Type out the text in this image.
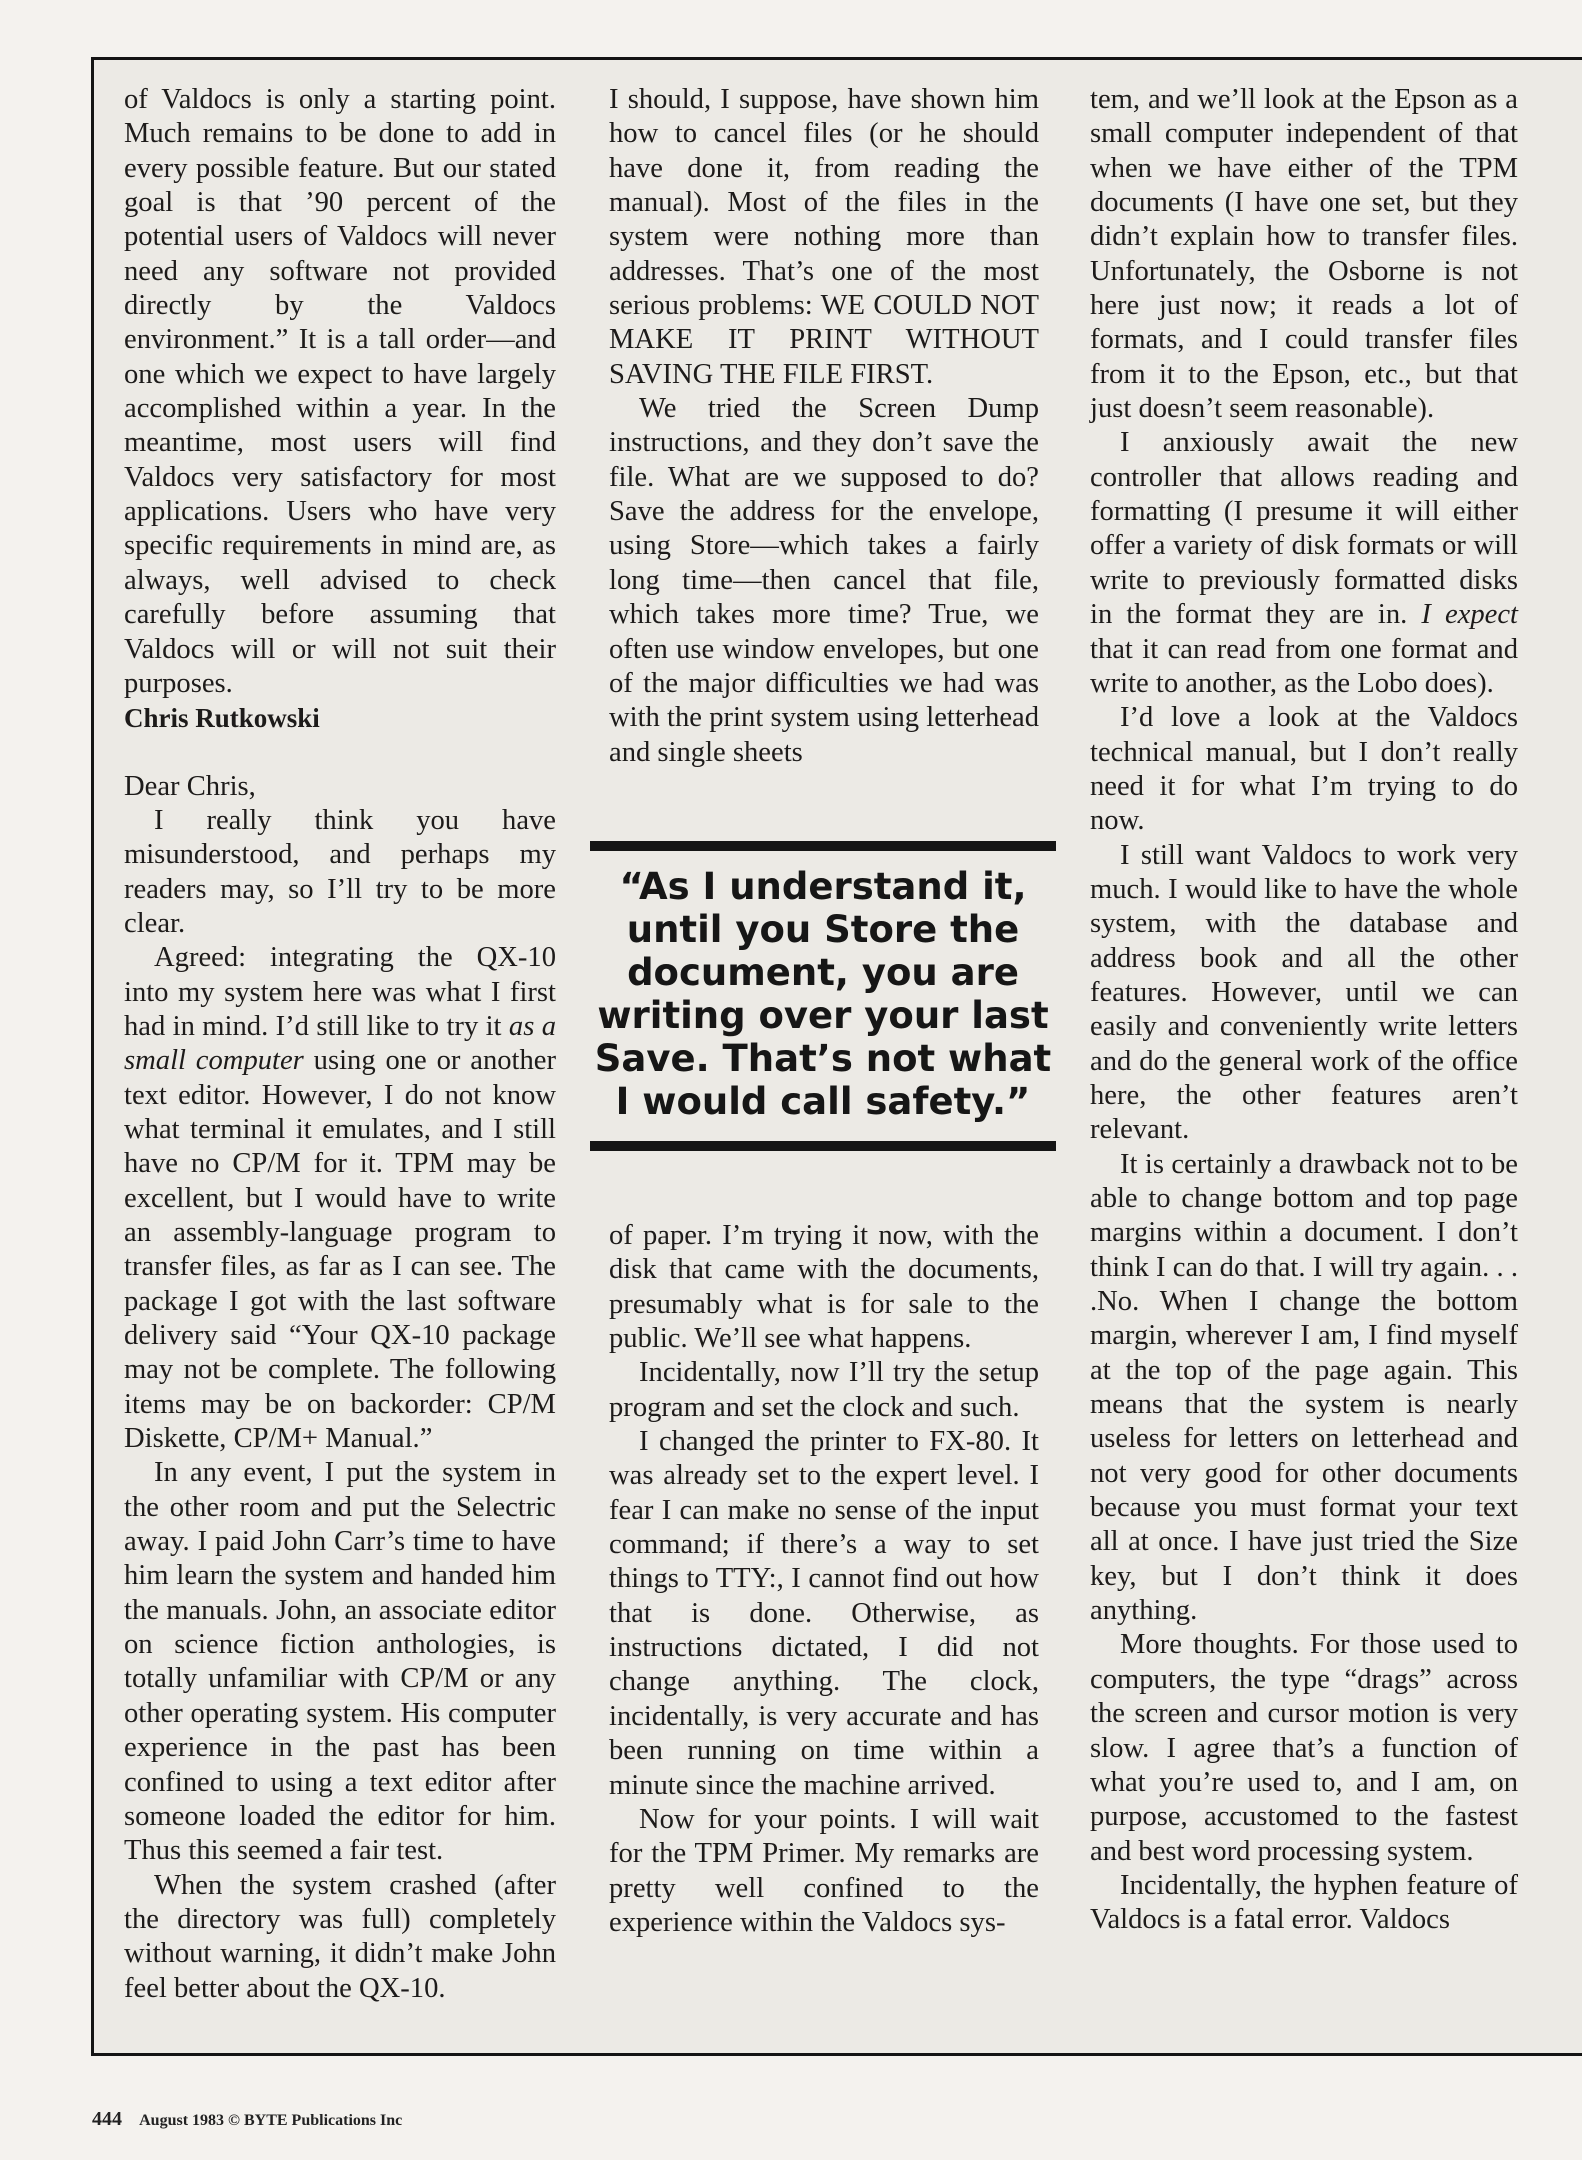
of Valdocs is only a starting point. Much remains to be done to add in every possible feature. But our stated goal is that ’90 percent of the potential users of Valdocs will never need any software not provided directly by the Valdocs environment.” It is a tall order—and one which we expect to have largely accomplished within a year. In the meantime, most users will find Valdocs very satisfactory for most applications. Users who have very specific requirements in mind are, as always, well advised to check carefully before assuming that Valdocs will or will not suit their purposes.

Chris Rutkowski

Dear Chris,

I really think you have misunderstood, and perhaps my readers may, so I’ll try to be more clear.

Agreed: integrating the QX-10 into my system here was what I first had in mind. I’d still like to try it as a small computer using one or another text editor. However, I do not know what terminal it emulates, and I still have no CP/M for it. TPM may be excellent, but I would have to write an assembly-language program to transfer files, as far as I can see. The package I got with the last software delivery said “Your QX-10 package may not be complete. The following items may be on backorder: CP/M Diskette, CP/M+ Manual.”

In any event, I put the system in the other room and put the Selectric away. I paid John Carr’s time to have him learn the system and handed him the manuals. John, an associate editor on science fiction anthologies, is totally unfamiliar with CP/M or any other operating system. His computer experience in the past has been confined to using a text editor after someone loaded the editor for him. Thus this seemed a fair test.

When the system crashed (after the directory was full) completely without warning, it didn’t make John feel better about the QX-10.

I should, I suppose, have shown him how to cancel files (or he should have done it, from reading the manual). Most of the files in the system were nothing more than addresses. That’s one of the most serious problems: WE COULD NOT MAKE IT PRINT WITHOUT SAVING THE FILE FIRST.

We tried the Screen Dump instructions, and they don’t save the file. What are we supposed to do? Save the address for the envelope, using Store—which takes a fairly long time—then cancel that file, which takes more time? True, we often use window envelopes, but one of the major difficulties we had was with the print system using letterhead and single sheets

“As I understand it, until you Store the document, you are writing over your last Save. That’s not what I would call safety.”

of paper. I’m trying it now, with the disk that came with the documents, presumably what is for sale to the public. We’ll see what happens.

Incidentally, now I’ll try the setup program and set the clock and such.

I changed the printer to FX-80. It was already set to the expert level. I fear I can make no sense of the input command; if there’s a way to set things to TTY:, I cannot find out how that is done. Otherwise, as instructions dictated, I did not change anything. The clock, incidentally, is very accurate and has been running on time within a minute since the machine arrived.

Now for your points. I will wait for the TPM Primer. My remarks are pretty well confined to the experience within the Valdocs sys-

tem, and we’ll look at the Epson as a small computer independent of that when we have either of the TPM documents (I have one set, but they didn’t explain how to transfer files. Unfortunately, the Osborne is not here just now; it reads a lot of formats, and I could transfer files from it to the Epson, etc., but that just doesn’t seem reasonable).

I anxiously await the new controller that allows reading and formatting (I presume it will either offer a variety of disk formats or will write to previously formatted disks in the format they are in. I expect that it can read from one format and write to another, as the Lobo does).

I’d love a look at the Valdocs technical manual, but I don’t really need it for what I’m trying to do now.

I still want Valdocs to work very much. I would like to have the whole system, with the database and address book and all the other features. However, until we can easily and conveniently write letters and do the general work of the office here, the other features aren’t relevant.

It is certainly a drawback not to be able to change bottom and top page margins within a document. I don’t think I can do that. I will try again. . . .No. When I change the bottom margin, wherever I am, I find myself at the top of the page again. This means that the system is nearly useless for letters on letterhead and not very good for other documents because you must format your text all at once. I have just tried the Size key, but I don’t think it does anything.

More thoughts. For those used to computers, the type “drags” across the screen and cursor motion is very slow. I agree that’s a function of what you’re used to, and I am, on purpose, accustomed to the fastest and best word processing system.

Incidentally, the hyphen feature of Valdocs is a fatal error. Valdocs

444 August 1983 © BYTE Publications Inc
